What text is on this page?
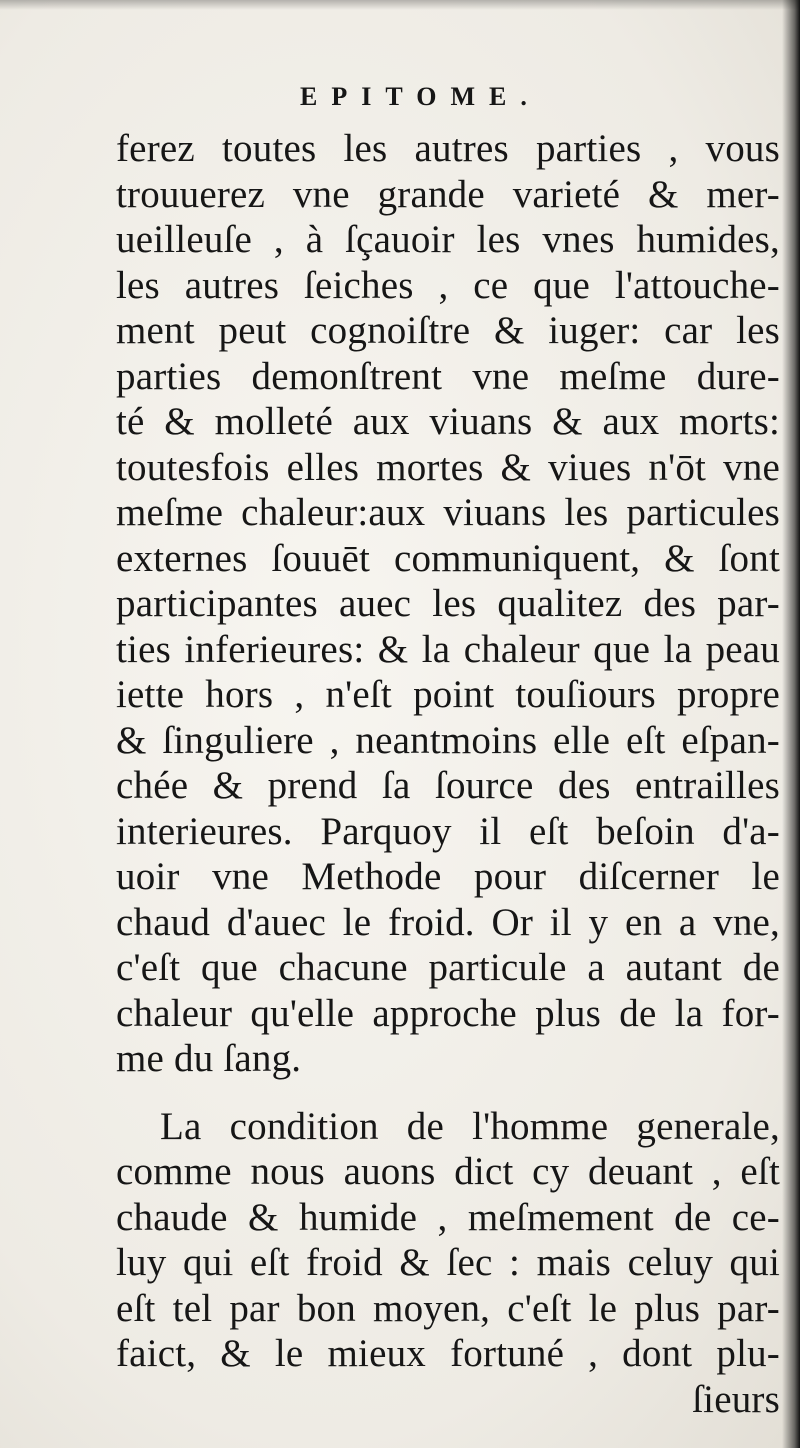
EPITOME.
ferez toutes les autres parties , vous
trouuerez vne grande varieté & mer-
ueilleuſe , à ſçauoir les vnes humides,
les autres ſeiches , ce que l'attouche-
ment peut cognoiſtre & iuger: car les
parties demonſtrent vne meſme dure-
té & molleté aux viuans & aux morts:
toutesfois elles mortes & viues n'ōt vne
meſme chaleur:aux viuans les particules
externes ſouuēt communiquent, & ſont
participantes auec les qualitez des par-
ties inferieures: & la chaleur que la peau
iette hors , n'eſt point touſiours propre
& ſinguliere , neantmoins elle eſt eſpan-
chée & prend ſa ſource des entrailles
interieures. Parquoy il eſt beſoin d'a-
uoir vne Methode pour diſcerner le
chaud d'auec le froid. Or il y en a vne,
c'eſt que chacune particule a autant de
chaleur qu'elle approche plus de la for-
me du ſang.
La condition de l'homme generale,
comme nous auons dict cy deuant , eſt
chaude & humide , meſmement de ce-
luy qui eſt froid & ſec : mais celuy qui
eſt tel par bon moyen, c'eſt le plus par-
faict, & le mieux fortuné , dont plu-
ſieurs
